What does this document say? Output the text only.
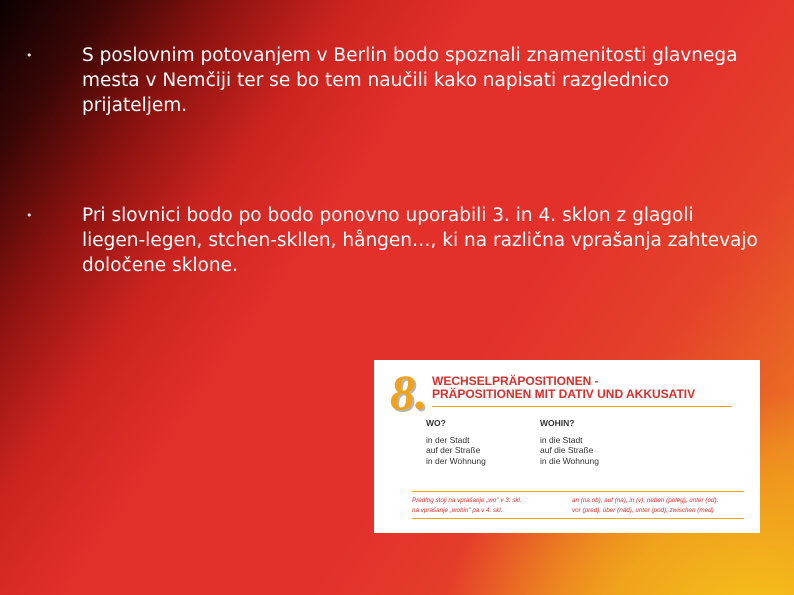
•	S poslovnim potovanjem v Berlin bodo spoznali znamenitosti glavnega mesta v Nemčiji ter se bo tem naučili kako napisati razglednico prijateljem.
•	Pri slovnici bodo po bodo ponovno uporabili 3. in 4. sklon z glagoli liegen-legen, stchen-skllen, hången…, ki na različna vprašanja zahtevajo določene sklone.
8. WECHSELPRÄPOSITIONEN -
PRÄPOSITIONEN MIT DATIV UND AKKUSATIV
WO?
in der Stadt
auf der Straße
in der Wohnung
WOHIN?
in die Stadt
auf die Straße
in die Wohnung
Predlog stoji na vprašanje „wo" v 3. skl.
na vprašanje „wohin" pa v 4. skl.
an (na ob), auf (na), in (v), neben (poleg), unter (od),
vor (pred), über (nad), unter (pod), zwischen (med)
